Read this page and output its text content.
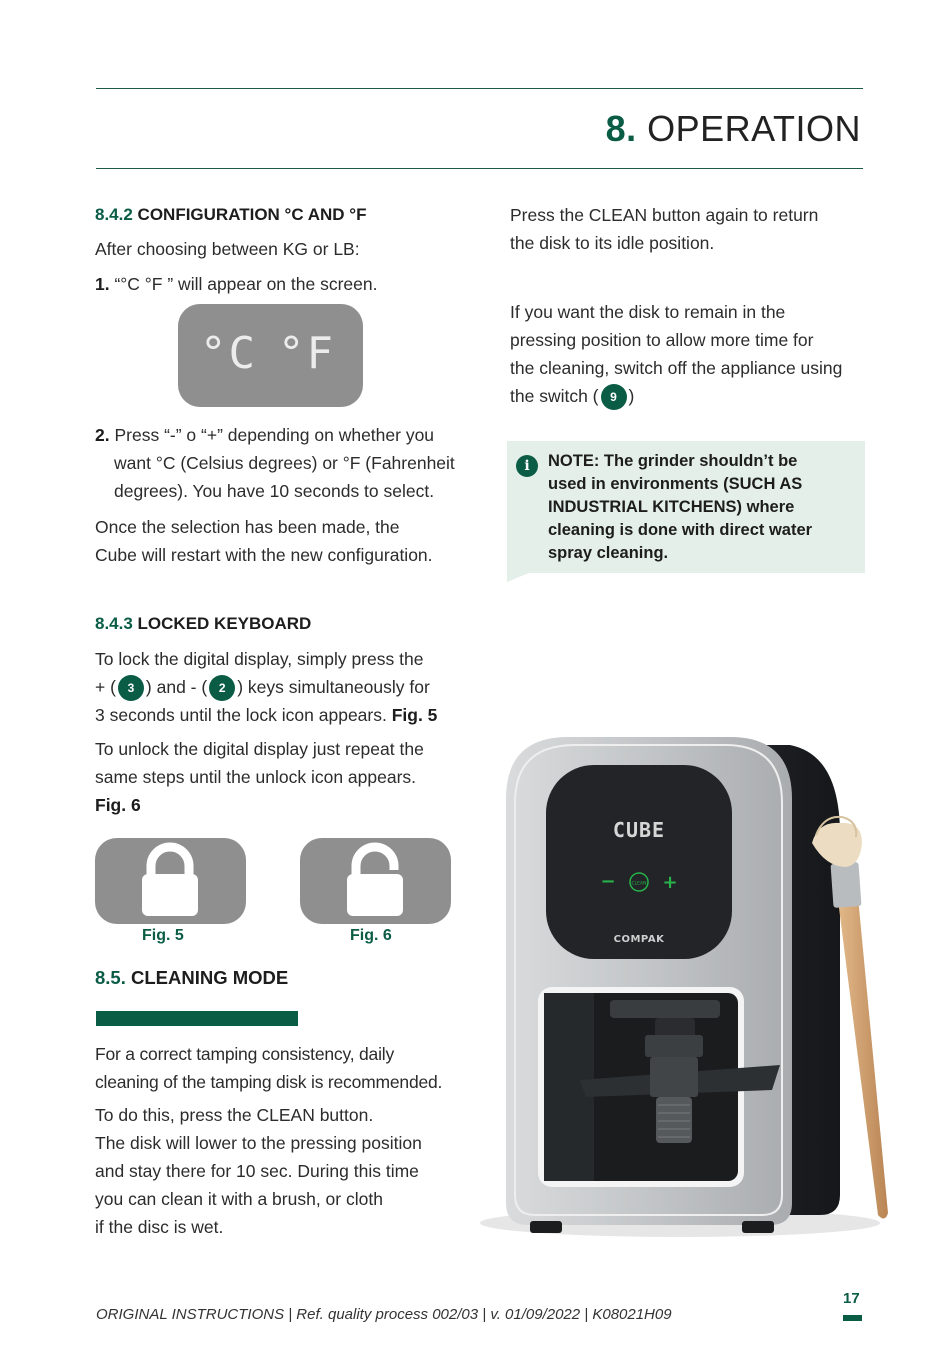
8. OPERATION
8.4.2 CONFIGURATION °C AND °F
After choosing between KG or LB:
1. “°C °F ” will appear on the screen.
°C °F
2. Press “-” o “+” depending on whether you
want °C (Celsius degrees) or °F (Fahrenheit
degrees). You have 10 seconds to select.
Once the selection has been made, the
Cube will restart with the new configuration.
8.4.3 LOCKED KEYBOARD
To lock the digital display, simply press the
+ ( 3 ) and - ( 2 ) keys simultaneously for
3 seconds until the lock icon appears. Fig. 5
To unlock the digital display just repeat the
same steps until the unlock icon appears.
Fig. 6
Fig. 5	Fig. 6
8.5. CLEANING MODE
For a correct tamping consistency, daily
cleaning of the tamping disk is recommended.
To do this, press the CLEAN button.
The disk will lower to the pressing position
and stay there for 10 sec. During this time
you can clean it with a brush, or cloth
if the disc is wet.
Press the CLEAN button again to return
the disk to its idle position.
If you want the disk to remain in the
pressing position to allow more time for
the cleaning, switch off the appliance using
the switch ( 9 )
i	NOTE: The grinder shouldn’t be
used in environments (SUCH AS
INDUSTRIAL KITCHENS) where
cleaning is done with direct water
spray cleaning.
CUBE
−	CLEAN +
COMPAK
ORIGINAL INSTRUCTIONS | Ref. quality process 002/03 | v. 01/09/2022 | K08021H09
17
